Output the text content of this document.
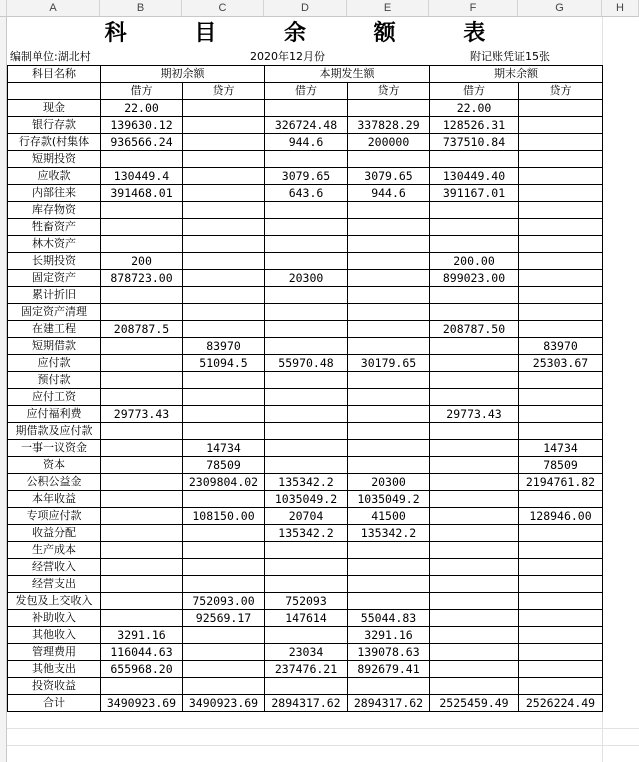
A	B	C	D	E	F	G	H
科 目 余 额 表
编制单位:湖北村	2020年12月份	附记账凭证15张
科目名称	期初余额		本期发生额		期末余额	
	借方	贷方	借方	贷方	借方	贷方
现金	22.00				22.00	
银行存款	139630.12		326724.48	337828.29	128526.31	
行存款(村集体	936566.24		944.6	200000	737510.84	
短期投资						
应收款	130449.4		3079.65	3079.65	130449.40	
内部往来	391468.01		643.6	944.6	391167.01	
库存物资						
牲畜资产						
林木资产						
长期投资	200				200.00	
固定资产	878723.00		20300		899023.00	
累计折旧						
固定资产清理						
在建工程	208787.5				208787.50	
短期借款		83970				83970
应付款		51094.5	55970.48	30179.65		25303.67
预付款						
应付工资						
应付福利费	29773.43				29773.43	
期借款及应付款						
一事一议资金		14734				14734
资本		78509				78509
公积公益金		2309804.02	135342.2	20300		2194761.82
本年收益			1035049.2	1035049.2		
专项应付款		108150.00	20704	41500		128946.00
收益分配			135342.2	135342.2		
生产成本						
经营收入						
经营支出						
发包及上交收入		752093.00	752093			
补助收入		92569.17	147614	55044.83		
其他收入	3291.16			3291.16		
管理费用	116044.63		23034	139078.63		
其他支出	655968.20		237476.21	892679.41		
投资收益						
合计	3490923.69	3490923.69	2894317.62	2894317.62	2525459.49	2526224.49
